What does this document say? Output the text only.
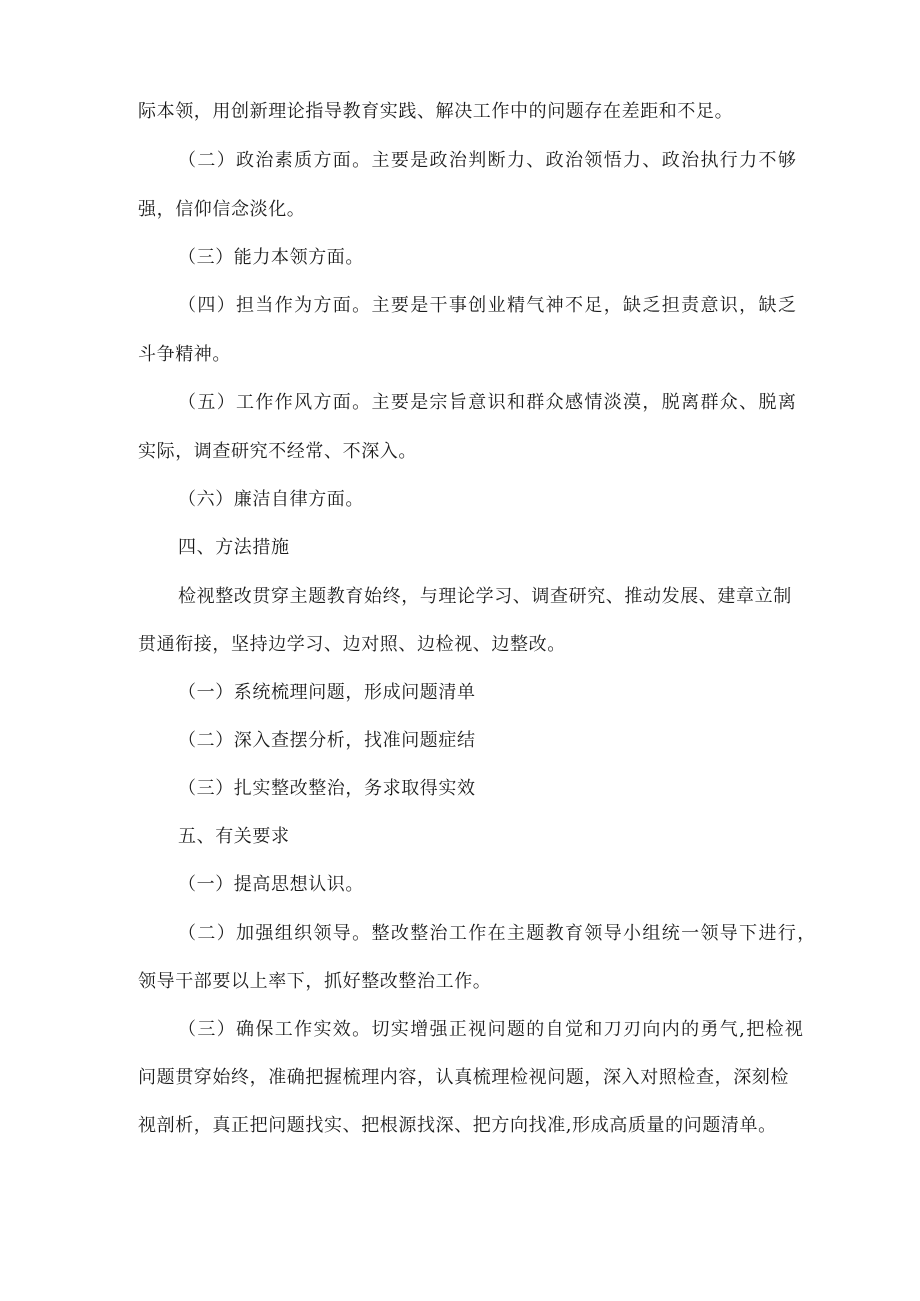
际本领，用创新理论指导教育实践、解决工作中的问题存在差距和不足。
（二）政治素质方面。主要是政治判断力、政治领悟力、政治执行力不够
强，信仰信念淡化。
（三）能力本领方面。
（四）担当作为方面。主要是干事创业精气神不足，缺乏担责意识，缺乏
斗争精神。
（五）工作作风方面。主要是宗旨意识和群众感情淡漠，脱离群众、脱离
实际，调查研究不经常、不深入。
（六）廉洁自律方面。
四、方法措施
检视整改贯穿主题教育始终，与理论学习、调查研究、推动发展、建章立制
贯通衔接，坚持边学习、边对照、边检视、边整改。
（一）系统梳理问题，形成问题清单
（二）深入查摆分析，找准问题症结
（三）扎实整改整治，务求取得实效
五、有关要求
（一）提高思想认识。
（二）加强组织领导。整改整治工作在主题教育领导小组统一领导下进行，
领导干部要以上率下，抓好整改整治工作。
（三）确保工作实效。切实增强正视问题的自觉和刀刃向内的勇气,把检视
问题贯穿始终，准确把握梳理内容，认真梳理检视问题，深入对照检查，深刻检
视剖析，真正把问题找实、把根源找深、把方向找准,形成高质量的问题清单。
